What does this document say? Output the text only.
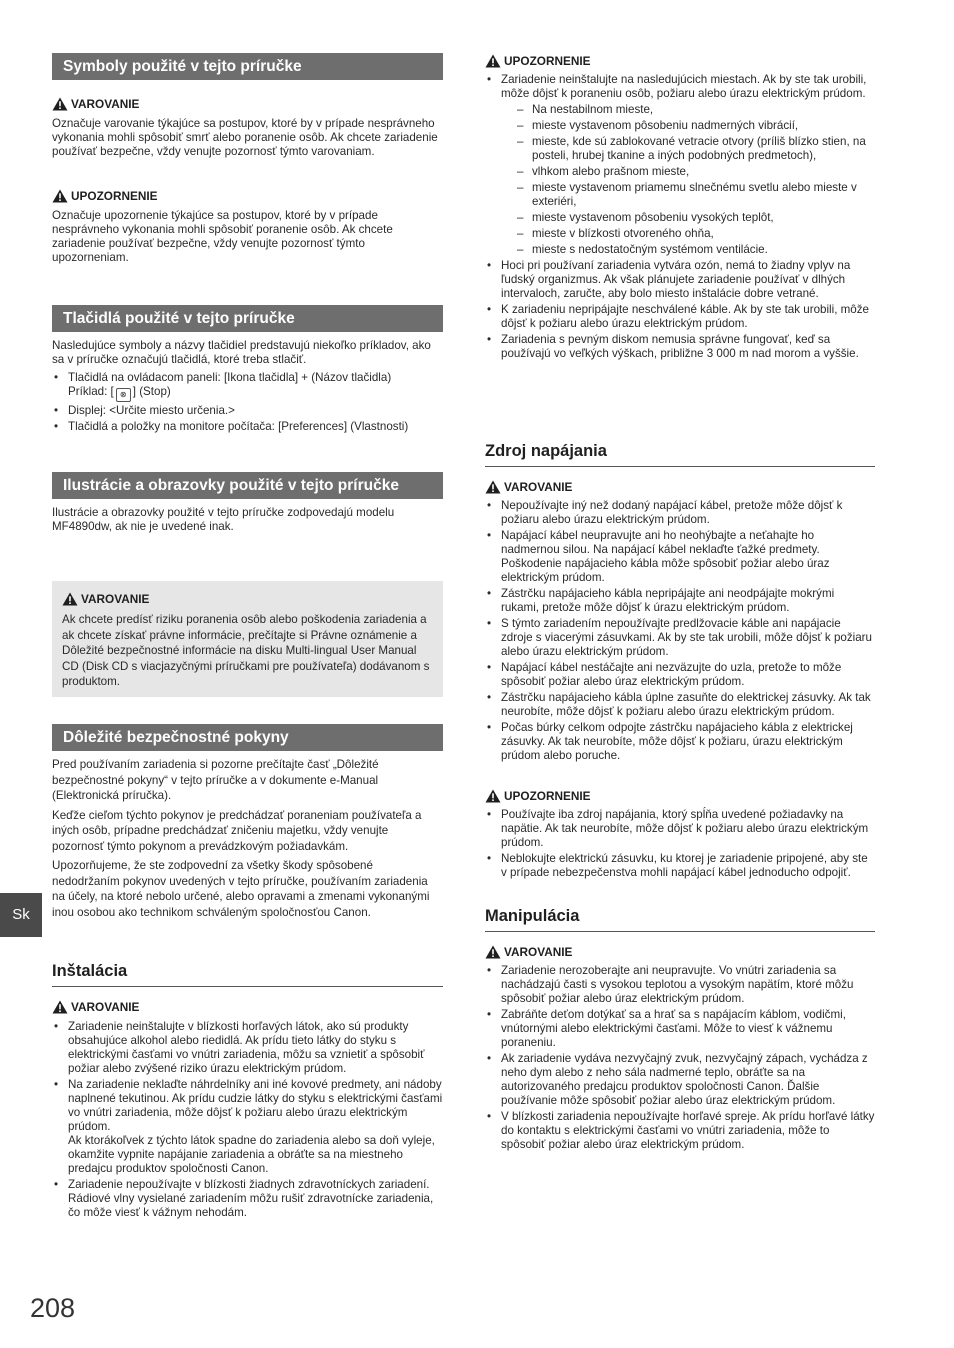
Symboly použité v tejto príručke
VAROVANIE

Označuje varovanie týkajúce sa postupov, ktoré by v prípade nesprávneho vykonania mohli spôsobiť smrť alebo poranenie osôb. Ak chcete zariadenie používať bezpečne, vždy venujte pozornosť týmto varovaniam.

UPOZORNENIE

Označuje upozornenie týkajúce sa postupov, ktoré by v prípade nesprávneho vykonania mohli spôsobiť poranenie osôb. Ak chcete zariadenie používať bezpečne, vždy venujte pozornosť týmto upozorneniam.

Tlačidlá použité v tejto príručke

Nasledujúce symboly a názvy tlačidiel predstavujú niekoľko príkladov, ako sa v príručke označujú tlačidlá, ktoré treba stlačiť.

• Tlačidlá na ovládacom paneli: [Ikona tlačidla] + (Názov tlačidla)
Príklad: [ ⊗ ] (Stop)
• Displej: <Určite miesto určenia.>
• Tlačidlá a položky na monitore počítača: [Preferences] (Vlastnosti)
Ilustrácie a obrazovky použité v tejto príručke

Ilustrácie a obrazovky použité v tejto príručke zodpovedajú modelu MF4890dw, ak nie je uvedené inak.

VAROVANIE
Ak chcete predísť riziku poranenia osôb alebo poškodenia zariadenia a ak chcete získať právne informácie, prečítajte si Právne oznámenie a Dôležité bezpečnostné informácie na disku Multi-lingual User Manual CD (Disk CD s viacjazyčnými príručkami pre používateľa) dodávanom s produktom.
Dôležité bezpečnostné pokyny

Pred používaním zariadenia si pozorne prečítajte časť „Dôležité bezpečnostné pokyny“ v tejto príručke a v dokumente e-Manual (Elektronická príručka).

Keďže cieľom týchto pokynov je predchádzať poraneniam používateľa a iných osôb, prípadne predchádzať zničeniu majetku, vždy venujte pozornosť týmto pokynom a prevádzkovým požiadavkám.

Upozorňujeme, že ste zodpovední za všetky škody spôsobené nedodržaním pokynov uvedených v tejto príručke, používaním zariadenia na účely, na ktoré nebolo určené, alebo opravami a zmenami vykonanými inou osobou ako technikom schváleným spoločnosťou Canon.

Inštalácia
VAROVANIE
• Zariadenie neinštalujte v blízkosti horľavých látok, ako sú produkty obsahujúce alkohol alebo riedidlá. Ak prídu tieto látky do styku s elektrickými časťami vo vnútri zariadenia, môžu sa vznietiť a spôsobiť požiar alebo zvýšené riziko úrazu elektrickým prúdom.
• Na zariadenie neklaďte náhrdelníky ani iné kovové predmety, ani nádoby naplnené tekutinou. Ak prídu cudzie látky do styku s elektrickými časťami vo vnútri zariadenia, môže dôjsť k požiaru alebo úrazu elektrickým prúdom.
Ak ktorákoľvek z týchto látok spadne do zariadenia alebo sa doň vyleje, okamžite vypnite napájanie zariadenia a obráťte sa na miestneho predajcu produktov spoločnosti Canon.
• Zariadenie nepoužívajte v blízkosti žiadnych zdravotníckych zariadení. Rádiové vlny vysielané zariadením môžu rušiť zdravotnícke zariadenia, čo môže viesť k vážnym nehodám.
UPOZORNENIE
• Zariadenie neinštalujte na nasledujúcich miestach. Ak by ste tak urobili, môže dôjsť k poraneniu osôb, požiaru alebo úrazu elektrickým prúdom.
– Na nestabilnom mieste,
– mieste vystavenom pôsobeniu nadmerných vibrácií,
– mieste, kde sú zablokované vetracie otvory (príliš blízko stien, na posteli, hrubej tkanine a iných podobných predmetoch),
– vlhkom alebo prašnom mieste,
– mieste vystavenom priamemu slnečnému svetlu alebo mieste v exteriéri,
– mieste vystavenom pôsobeniu vysokých teplôt,
– mieste v blízkosti otvoreného ohňa,
– mieste s nedostatočným systémom ventilácie.
• Hoci pri používaní zariadenia vytvára ozón, nemá to žiadny vplyv na ľudský organizmus. Ak však plánujete zariadenie používať v dlhých intervaloch, zaručte, aby bolo miesto inštalácie dobre vetrané.
• K zariadeniu nepripájajte neschválené káble. Ak by ste tak urobili, môže dôjsť k požiaru alebo úrazu elektrickým prúdom.
• Zariadenia s pevným diskom nemusia správne fungovať, keď sa používajú vo veľkých výškach, približne 3 000 m nad morom a vyššie.
Zdroj napájania
VAROVANIE
• Nepoužívajte iný než dodaný napájací kábel, pretože môže dôjsť k požiaru alebo úrazu elektrickým prúdom.
• Napájací kábel neupravujte ani ho neohýbajte a neťahajte ho nadmernou silou. Na napájací kábel neklaďte ťažké predmety. Poškodenie napájacieho kábla môže spôsobiť požiar alebo úraz elektrickým prúdom.
• Zástrčku napájacieho kábla nepripájajte ani neodpájajte mokrými rukami, pretože môže dôjsť k úrazu elektrickým prúdom.
• S týmto zariadením nepoužívajte predlžovacie káble ani napájacie zdroje s viacerými zásuvkami. Ak by ste tak urobili, môže dôjsť k požiaru alebo úrazu elektrickým prúdom.
• Napájací kábel nestáčajte ani nezväzujte do uzla, pretože to môže spôsobiť požiar alebo úraz elektrickým prúdom.
• Zástrčku napájacieho kábla úplne zasuňte do elektrickej zásuvky. Ak tak neurobíte, môže dôjsť k požiaru alebo úrazu elektrickým prúdom.
• Počas búrky celkom odpojte zástrčku napájacieho kábla z elektrickej zásuvky. Ak tak neurobíte, môže dôjsť k požiaru, úrazu elektrickým prúdom alebo poruche.
UPOZORNENIE
• Používajte iba zdroj napájania, ktorý spĺňa uvedené požiadavky na napätie. Ak tak neurobíte, môže dôjsť k požiaru alebo úrazu elektrickým prúdom.
• Neblokujte elektrickú zásuvku, ku ktorej je zariadenie pripojené, aby ste v prípade nebezpečenstva mohli napájací kábel jednoducho odpojiť.
Manipulácia
VAROVANIE
• Zariadenie nerozoberajte ani neupravujte. Vo vnútri zariadenia sa nachádzajú časti s vysokou teplotou a vysokým napätím, ktoré môžu spôsobiť požiar alebo úraz elektrickým prúdom.
• Zabráňte deťom dotýkať sa a hrať sa s napájacím káblom, vodičmi, vnútornými alebo elektrickými časťami. Môže to viesť k vážnemu poraneniu.
• Ak zariadenie vydáva nezvyčajný zvuk, nezvyčajný zápach, vychádza z neho dym alebo z neho sála nadmerné teplo, obráťte sa na autorizovaného predajcu produktov spoločnosti Canon. Ďalšie používanie môže spôsobiť požiar alebo úraz elektrickým prúdom.
• V blízkosti zariadenia nepoužívajte horľavé spreje. Ak prídu horľavé látky do kontaktu s elektrickými časťami vo vnútri zariadenia, môže to spôsobiť požiar alebo úraz elektrickým prúdom.
Sk
208
